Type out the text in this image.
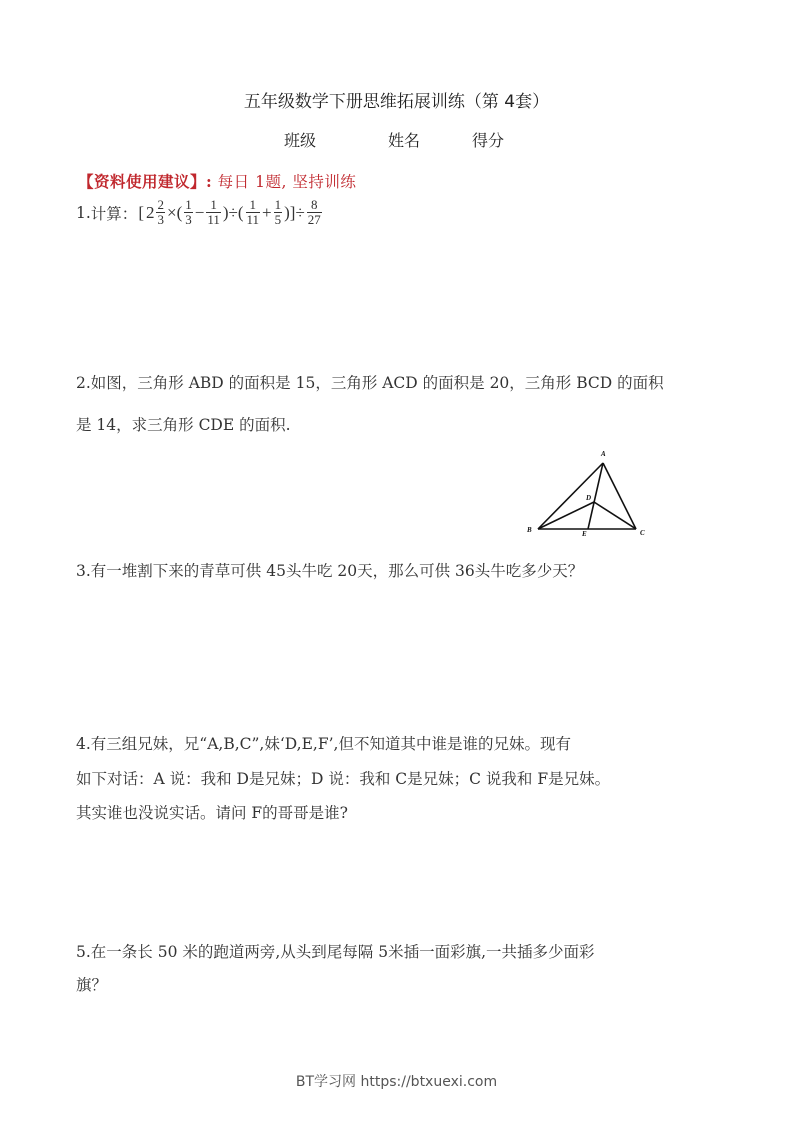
五年级数学下册思维拓展训练（第 4套）
班级	姓名	得分
【资料使用建议】: 每日 1题, 坚持训练
1. 计算： [ $2 \frac{2}{3}$ ×( $\frac{1}{3} - \frac{1}{11}$ )÷( $\frac{1}{11} + \frac{1}{5}$ )]÷ $\frac{8}{27}$
2.如图，三角形 ABD 的面积是 15，三角形 ACD 的面积是 20，三角形 BCD 的面积
是 14，求三角形 CDE 的面积.
A
B	C
D
E
3.有一堆割下来的青草可供 45头牛吃 20天，那么可供 36头牛吃多少天？
4.有三组兄妹，兄“A,B,C”,妹‘D,E,F’,但不知道其中谁是谁的兄妹。现有
如下对话：A 说：我和 D是兄妹；D 说：我和 C是兄妹；C 说我和 F是兄妹。
其实谁也没说实话。请问 F的哥哥是谁?
5.在一条长 50 米的跑道两旁,从头到尾每隔 5米插一面彩旗,一共插多少面彩
旗？
BT学习网 https://btxuexi.com
